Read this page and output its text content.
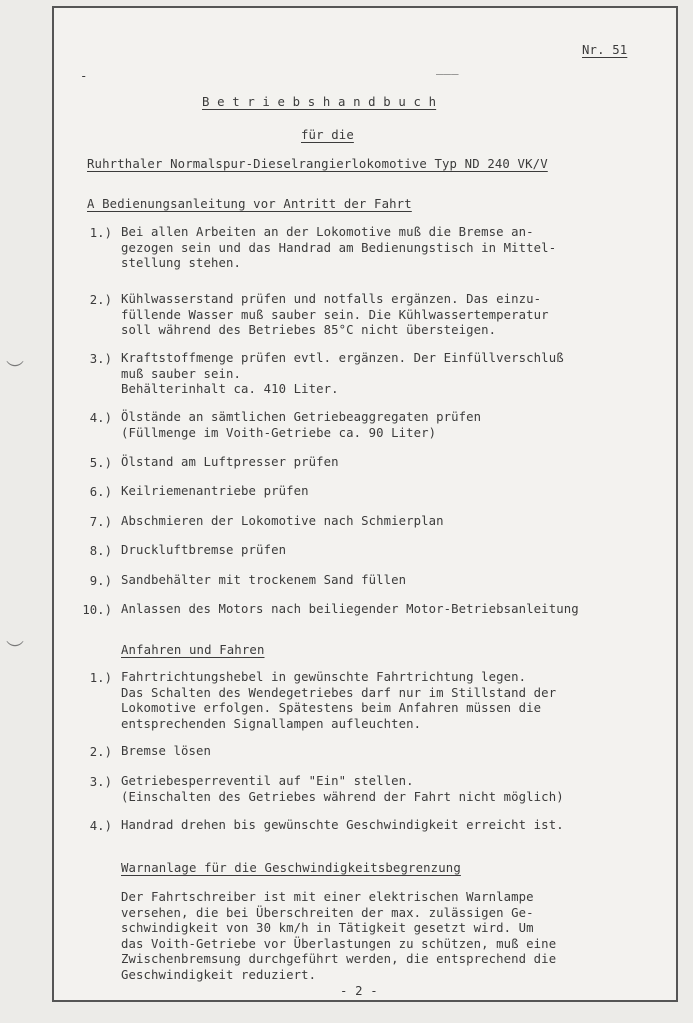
Nr. 51
___
-
B e t r i e b s h a n d b u c h
für die
Ruhrthaler Normalspur-Dieselrangierlokomotive Typ ND 240 VK/V
A Bedienungsanleitung vor Antritt der Fahrt
1.) Bei allen Arbeiten an der Lokomotive muß die Bremse an-
gezogen sein und das Handrad am Bedienungstisch in Mittel-
stellung stehen.
2.) Kühlwasserstand prüfen und notfalls ergänzen. Das einzu-
füllende Wasser muß sauber sein. Die Kühlwassertemperatur
soll während des Betriebes 85°C nicht übersteigen.
3.) Kraftstoffmenge prüfen evtl. ergänzen. Der Einfüllverschluß
muß sauber sein.
Behälterinhalt ca. 410 Liter.
4.) Ölstände an sämtlichen Getriebeaggregaten prüfen
(Füllmenge im Voith-Getriebe ca. 90 Liter)
5.) Ölstand am Luftpresser prüfen
6.) Keilriemenantriebe prüfen
7.) Abschmieren der Lokomotive nach Schmierplan
8.) Druckluftbremse prüfen
9.) Sandbehälter mit trockenem Sand füllen
10.) Anlassen des Motors nach beiliegender Motor-Betriebsanleitung
Anfahren und Fahren
1.) Fahrtrichtungshebel in gewünschte Fahrtrichtung legen.
Das Schalten des Wendegetriebes darf nur im Stillstand der
Lokomotive erfolgen. Spätestens beim Anfahren müssen die
entsprechenden Signallampen aufleuchten.
2.) Bremse lösen
3.) Getriebesperreventil auf "Ein" stellen.
(Einschalten des Getriebes während der Fahrt nicht möglich)
4.) Handrad drehen bis gewünschte Geschwindigkeit erreicht ist.
Warnanlage für die Geschwindigkeitsbegrenzung
Der Fahrtschreiber ist mit einer elektrischen Warnlampe
versehen, die bei Überschreiten der max. zulässigen Ge-
schwindigkeit von 30 km/h in Tätigkeit gesetzt wird. Um
das Voith-Getriebe vor Überlastungen zu schützen, muß eine
Zwischenbremsung durchgeführt werden, die entsprechend die
Geschwindigkeit reduziert.
- 2 -
︶
︶
